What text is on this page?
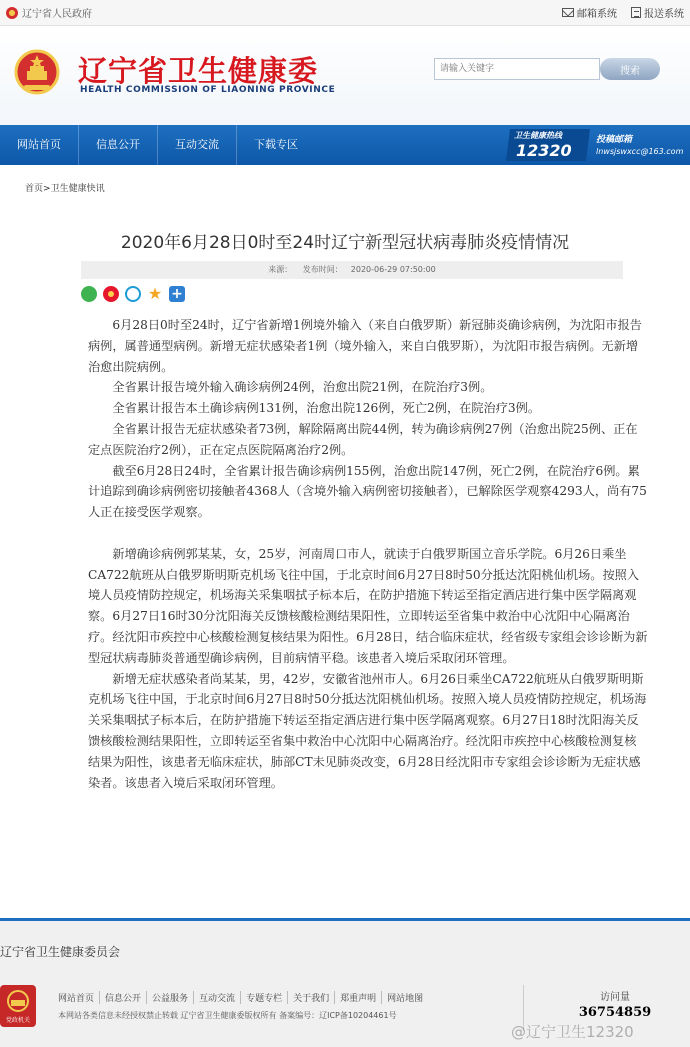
辽宁省人民政府	邮箱系统	报送系统
辽宁省卫生健康委
HEALTH COMMISSION OF LIAONING PROVINCE
请输入关键字
搜索
网站首页	信息公开	互动交流	下载专区
卫生健康热线
12320
投稿邮箱
lnwsjswxcc@163.com
首页>卫生健康快讯
2020年6月28日0时至24时辽宁新型冠状病毒肺炎疫情情况
来源： 发布时间： 2020-06-29 07:50:00
★ +

6月28日0时至24时，辽宁省新增1例境外输入（来自白俄罗斯）新冠肺炎确诊病例，为沈阳市报告病例，属普通型病例。新增无症状感染者1例（境外输入，来自白俄罗斯），为沈阳市报告病例。无新增治愈出院病例。

全省累计报告境外输入确诊病例24例，治愈出院21例，在院治疗3例。

全省累计报告本土确诊病例131例，治愈出院126例，死亡2例，在院治疗3例。

全省累计报告无症状感染者73例，解除隔离出院44例，转为确诊病例27例（治愈出院25例、正在定点医院治疗2例），正在定点医院隔离治疗2例。

截至6月28日24时，全省累计报告确诊病例155例，治愈出院147例，死亡2例，在院治疗6例。累计追踪到确诊病例密切接触者4368人（含境外输入病例密切接触者），已解除医学观察4293人，尚有75人正在接受医学观察。

新增确诊病例郭某某，女，25岁，河南周口市人，就读于白俄罗斯国立音乐学院。6月26日乘坐CA722航班从白俄罗斯明斯克机场飞往中国，于北京时间6月27日8时50分抵达沈阳桃仙机场。按照入境人员疫情防控规定，机场海关采集咽拭子标本后，在防护措施下转运至指定酒店进行集中医学隔离观察。6月27日16时30分沈阳海关反馈核酸检测结果阳性，立即转运至省集中救治中心沈阳中心隔离治疗。经沈阳市疾控中心核酸检测复核结果为阳性。6月28日，结合临床症状，经省级专家组会诊诊断为新型冠状病毒肺炎普通型确诊病例，目前病情平稳。该患者入境后采取闭环管理。

新增无症状感染者尚某某，男，42岁，安徽省池州市人。6月26日乘坐CA722航班从白俄罗斯明斯克机场飞往中国，于北京时间6月27日8时50分抵达沈阳桃仙机场。按照入境人员疫情防控规定，机场海关采集咽拭子标本后，在防护措施下转运至指定酒店进行集中医学隔离观察。6月27日18时沈阳海关反馈核酸检测结果阳性，立即转运至省集中救治中心沈阳中心隔离治疗。经沈阳市疾控中心核酸检测复核结果为阳性，该患者无临床症状，肺部CT未见肺炎改变，6月28日经沈阳市专家组会诊诊断为无症状感染者。该患者入境后采取闭环管理。

辽宁省卫生健康委员会
党政机关
网站首页	信息公开	公益服务	互动交流	专题专栏	关于我们	郑重声明	网站地图
本网站各类信息未经授权禁止转载 辽宁省卫生健康委版权所有 备案编号：辽ICP备10204461号
访问量
36754859
@辽宁卫生12320
